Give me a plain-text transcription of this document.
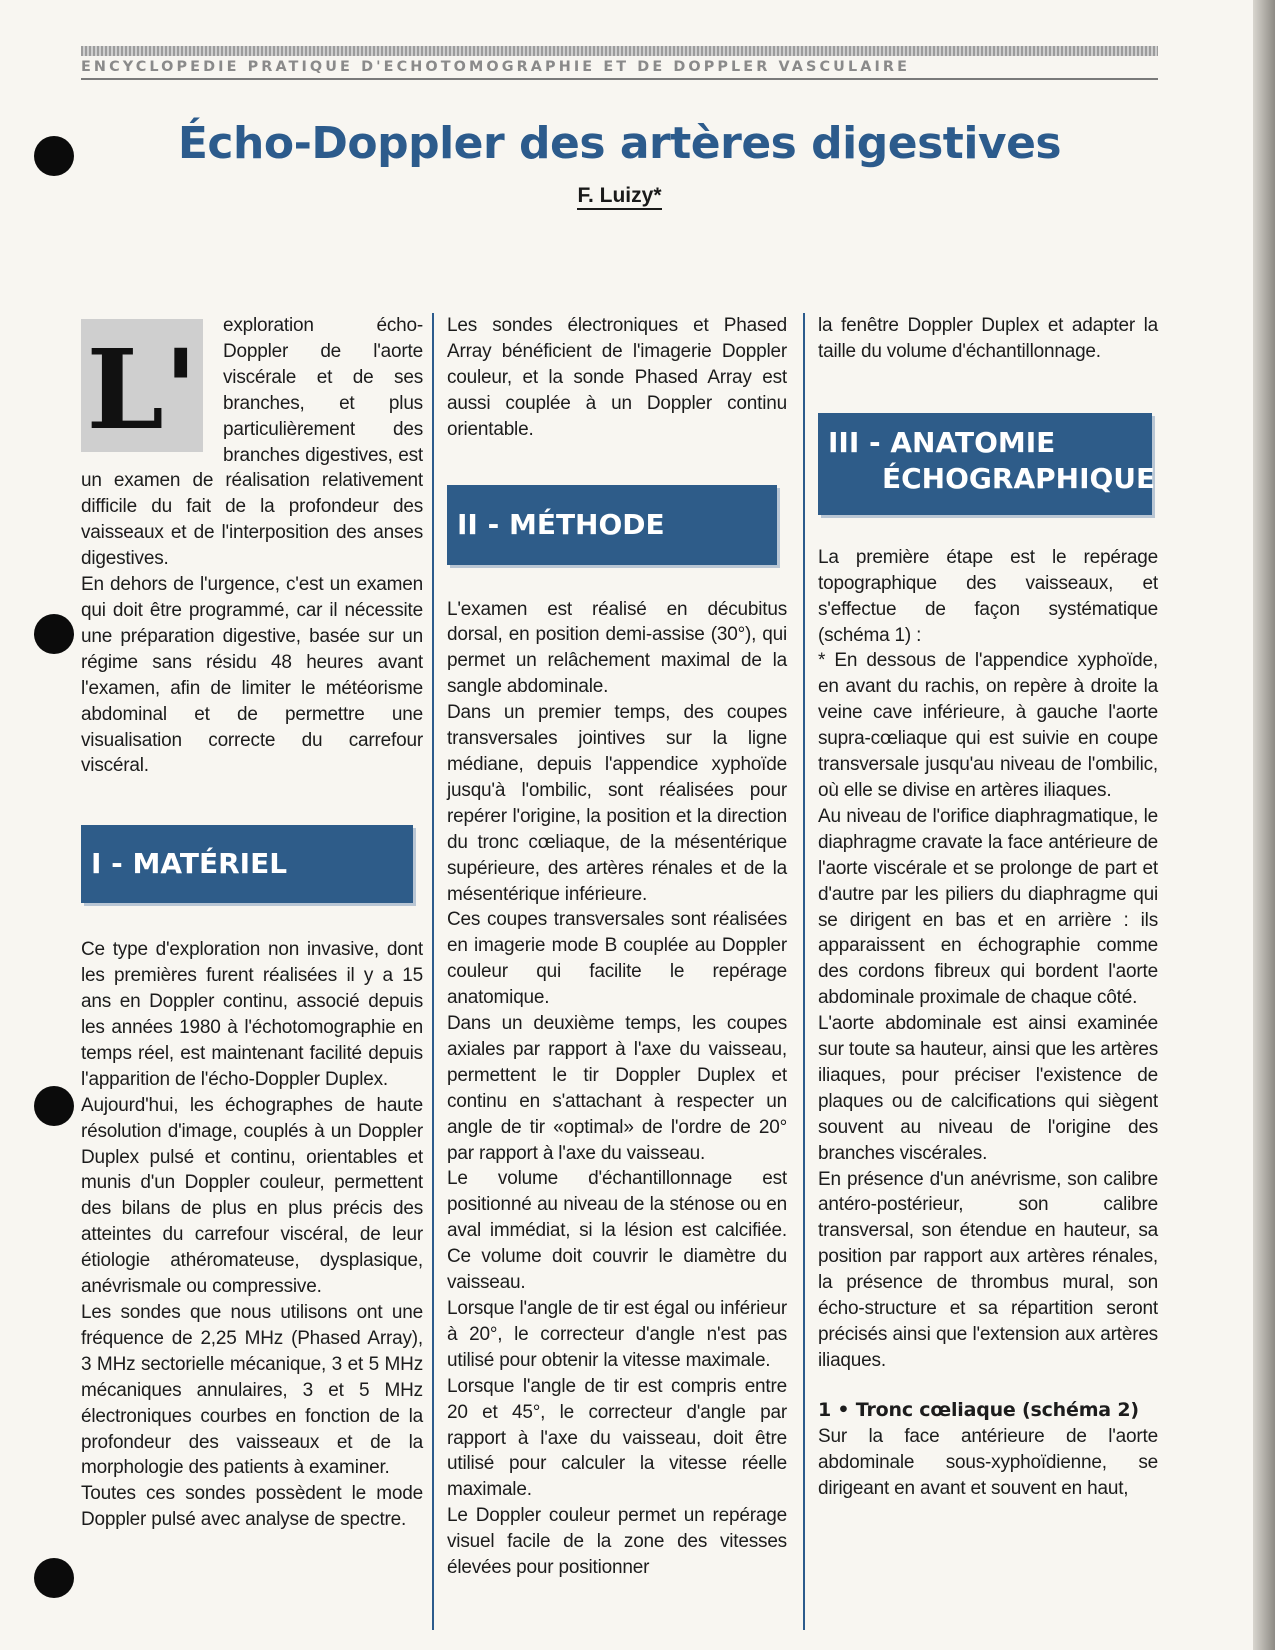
ENCYCLOPEDIE PRATIQUE D'ECHOTOMOGRAPHIE ET DE DOPPLER VASCULAIRE
Écho-Doppler des artères digestives
F. Luizy*
L'	exploration écho-Doppler de l'aorte viscérale et de ses branches, et plus particulièrement des branches digestives, est un examen de réalisation relativement difficile du fait de la profondeur des vaisseaux et de l'interposition des anses digestives.

En dehors de l'urgence, c'est un examen qui doit être programmé, car il nécessite une préparation digestive, basée sur un régime sans résidu 48 heures avant l'examen, afin de limiter le météorisme abdominal et de permettre une visualisation correcte du carrefour viscéral.

I - MATÉRIEL

Ce type d'exploration non invasive, dont les premières furent réalisées il y a 15 ans en Doppler continu, associé depuis les années 1980 à l'échotomographie en temps réel, est maintenant facilité depuis l'apparition de l'écho-Doppler Duplex.

Aujourd'hui, les échographes de haute résolution d'image, couplés à un Doppler Duplex pulsé et continu, orientables et munis d'un Doppler couleur, permettent des bilans de plus en plus précis des atteintes du carrefour viscéral, de leur étiologie athéromateuse, dysplasique, anévrismale ou compressive.

Les sondes que nous utilisons ont une fréquence de 2,25 MHz (Phased Array), 3 MHz sectorielle mécanique, 3 et 5 MHz mécaniques annulaires, 3 et 5 MHz électroniques courbes en fonction de la profondeur des vaisseaux et de la morphologie des patients à examiner.

Toutes ces sondes possèdent le mode Doppler pulsé avec analyse de spectre.

Les sondes électroniques et Phased Array bénéficient de l'imagerie Doppler couleur, et la sonde Phased Array est aussi couplée à un Doppler continu orientable.

II - MÉTHODE

L'examen est réalisé en décubitus dorsal, en position demi-assise (30°), qui permet un relâchement maximal de la sangle abdominale.

Dans un premier temps, des coupes transversales jointives sur la ligne médiane, depuis l'appendice xyphoïde jusqu'à l'ombilic, sont réalisées pour repérer l'origine, la position et la direction du tronc cœliaque, de la mésentérique supérieure, des artères rénales et de la mésentérique inférieure.

Ces coupes transversales sont réalisées en imagerie mode B couplée au Doppler couleur qui facilite le repérage anatomique.

Dans un deuxième temps, les coupes axiales par rapport à l'axe du vaisseau, permettent le tir Doppler Duplex et continu en s'attachant à respecter un angle de tir «optimal» de l'ordre de 20° par rapport à l'axe du vaisseau.

Le volume d'échantillonnage est positionné au niveau de la sténose ou en aval immédiat, si la lésion est calcifiée. Ce volume doit couvrir le diamètre du vaisseau.

Lorsque l'angle de tir est égal ou inférieur à 20°, le correcteur d'angle n'est pas utilisé pour obtenir la vitesse maximale.

Lorsque l'angle de tir est compris entre 20 et 45°, le correcteur d'angle par rapport à l'axe du vaisseau, doit être utilisé pour calculer la vitesse réelle maximale.

Le Doppler couleur permet un repérage visuel facile de la zone des vitesses élevées pour positionner

la fenêtre Doppler Duplex et adapter la taille du volume d'échantillonnage.

III - ANATOMIE
ÉCHOGRAPHIQUE

La première étape est le repérage topographique des vaisseaux, et s'effectue de façon systématique (schéma 1) :

* En dessous de l'appendice xyphoïde, en avant du rachis, on repère à droite la veine cave inférieure, à gauche l'aorte supra-cœliaque qui est suivie en coupe transversale jusqu'au niveau de l'ombilic, où elle se divise en artères iliaques.

Au niveau de l'orifice diaphragmatique, le diaphragme cravate la face antérieure de l'aorte viscérale et se prolonge de part et d'autre par les piliers du diaphragme qui se dirigent en bas et en arrière : ils apparaissent en échographie comme des cordons fibreux qui bordent l'aorte abdominale proximale de chaque côté.

L'aorte abdominale est ainsi examinée sur toute sa hauteur, ainsi que les artères iliaques, pour préciser l'existence de plaques ou de calcifications qui siègent souvent au niveau de l'origine des branches viscérales.

En présence d'un anévrisme, son calibre antéro-postérieur, son calibre transversal, son étendue en hauteur, sa position par rapport aux artères rénales, la présence de thrombus mural, son écho-structure et sa répartition seront précisés ainsi que l'extension aux artères iliaques.

1 • Tronc cœliaque (schéma 2)

Sur la face antérieure de l'aorte abdominale sous-xyphoïdienne, se dirigeant en avant et souvent en haut,
